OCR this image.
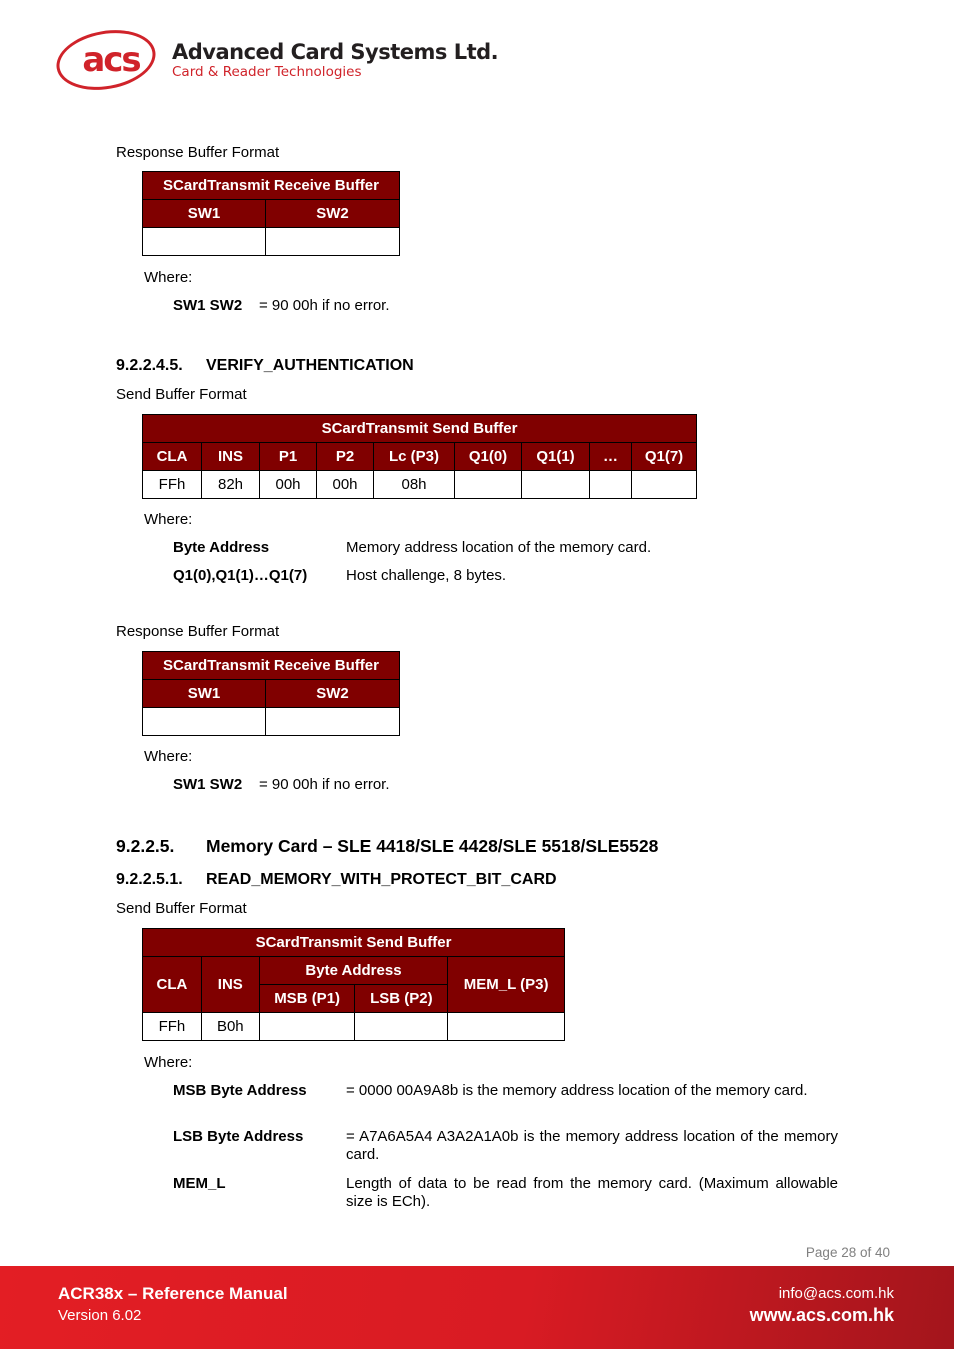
acs	Advanced Card Systems Ltd.
Card & Reader Technologies
Response Buffer Format
SCardTransmit Receive Buffer	
SW1	SW2

Where:
SW1 SW2 = 90 00h if no error.
9.2.2.4.5. VERIFY_AUTHENTICATION
Send Buffer Format
SCardTransmit Send Buffer								
CLA	INS	P1	P2	Lc (P3)	Q1(0)	Q1(1)	…	Q1(7)
FFh	82h	00h	00h	08h				
Where:
Byte Address	Memory address location of the memory card.
Q1(0),Q1(1)…Q1(7)	Host challenge, 8 bytes.
Response Buffer Format
SCardTransmit Receive Buffer	
SW1	SW2

Where:
SW1 SW2 = 90 00h if no error.
9.2.2.5. Memory Card – SLE 4418/SLE 4428/SLE 5518/SLE5528
9.2.2.5.1. READ_MEMORY_WITH_PROTECT_BIT_CARD
Send Buffer Format
SCardTransmit Send Buffer				
CLA	INS	Byte Address		MEM_L (P3)
		MSB (P1)	LSB (P2)	
FFh	B0h			
Where:
MSB Byte Address	= 0000 00A9A8b is the memory address location of the memory card.
LSB Byte Address	= A7A6A5A4 A3A2A1A0b is the memory address location of the memory card.
MEM_L	Length of data to be read from the memory card. (Maximum allowable size is ECh).
Page 28 of 40
ACR38x – Reference Manual
Version 6.02
info@acs.com.hk
www.acs.com.hk
